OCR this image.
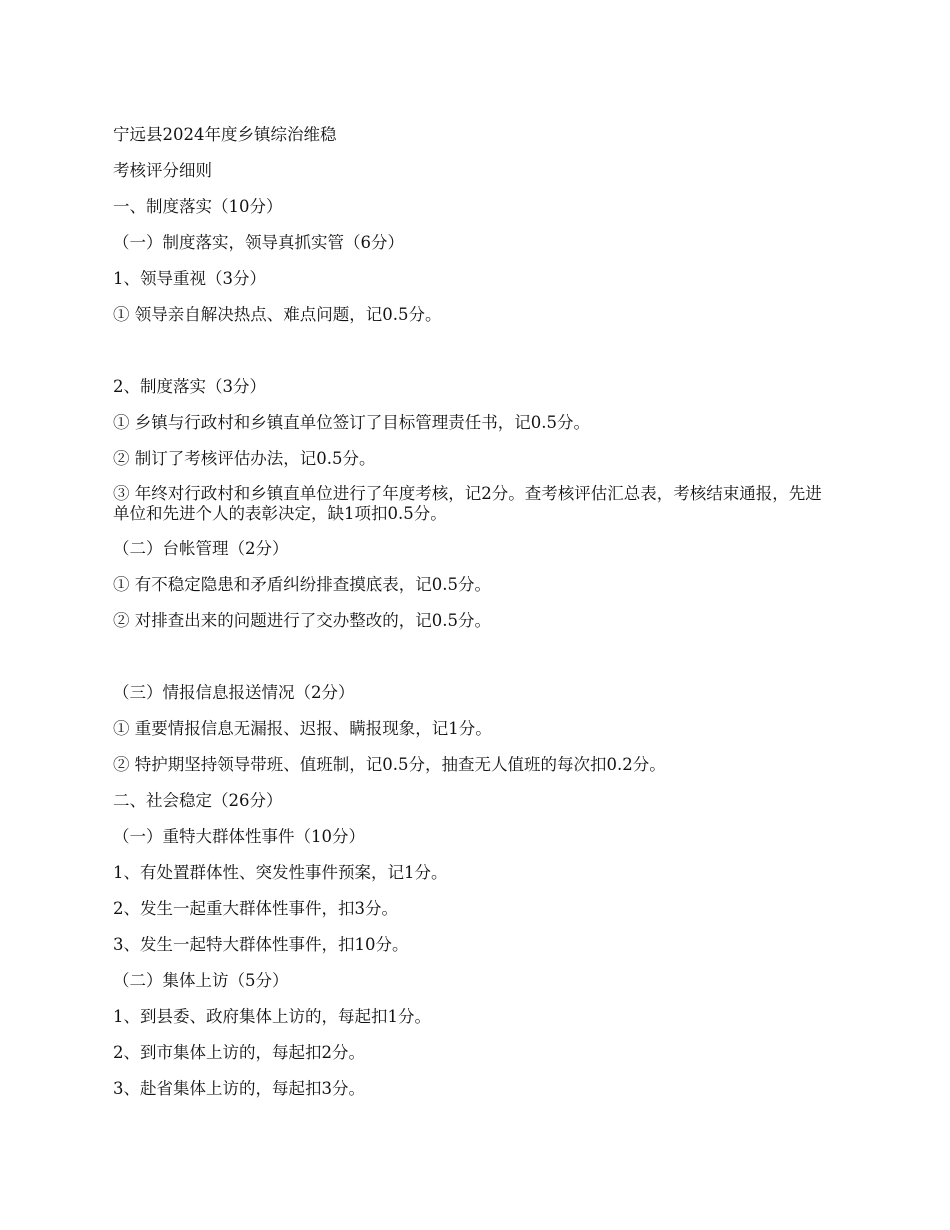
宁远县2024年度乡镇综治维稳

考核评分细则

一、制度落实（10分）

（一）制度落实，领导真抓实管（6分）

1、领导重视（3分）

① 领导亲自解决热点、难点问题，记0.5分。

2、制度落实（3分）

① 乡镇与行政村和乡镇直单位签订了目标管理责任书，记0.5分。

② 制订了考核评估办法，记0.5分。

③ 年终对行政村和乡镇直单位进行了年度考核，记2分。查考核评估汇总表，考核结束通报，先进单位和先进个人的表彰决定，缺1项扣0.5分。

（二）台帐管理（2分）

① 有不稳定隐患和矛盾纠纷排查摸底表，记0.5分。

② 对排查出来的问题进行了交办整改的，记0.5分。

（三）情报信息报送情况（2分）

① 重要情报信息无漏报、迟报、瞒报现象，记1分。

② 特护期坚持领导带班、值班制，记0.5分，抽查无人值班的每次扣0.2分。

二、社会稳定（26分）

（一）重特大群体性事件（10分）

1、有处置群体性、突发性事件预案，记1分。

2、发生一起重大群体性事件，扣3分。

3、发生一起特大群体性事件，扣10分。

（二）集体上访（5分）

1、到县委、政府集体上访的，每起扣1分。

2、到市集体上访的，每起扣2分。

3、赴省集体上访的，每起扣3分。
